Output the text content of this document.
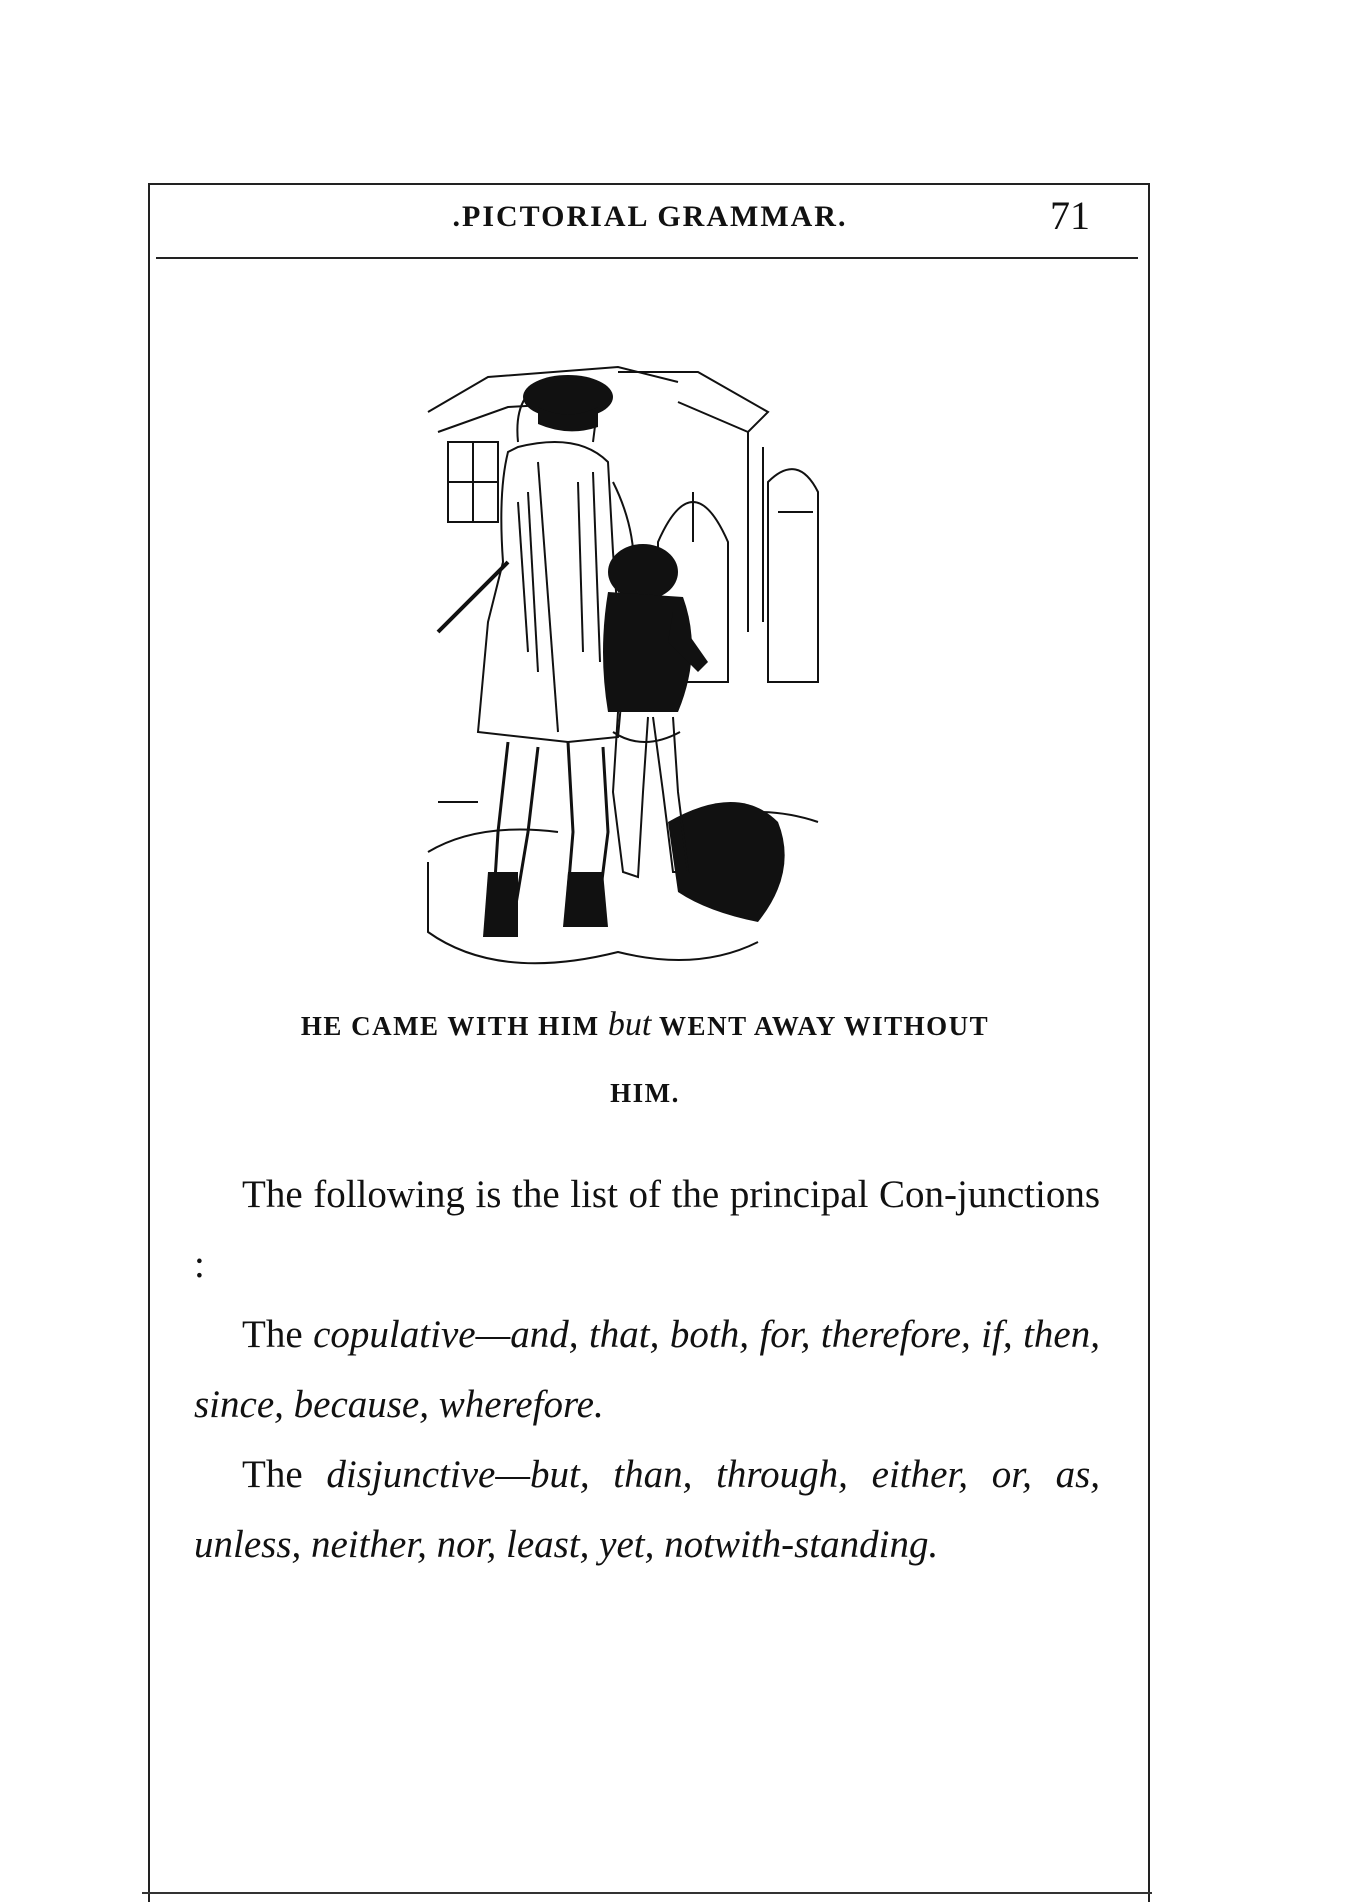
.PICTORIAL GRAMMAR.	71
HE CAME WITH HIM but WENT AWAY WITHOUT
HIM.
The following is the list of the principal Con-junctions :
The copulative—and, that, both, for, therefore, if, then, since, because, wherefore.
The disjunctive—but, than, through, either, or, as, unless, neither, nor, least, yet, notwith-standing.
